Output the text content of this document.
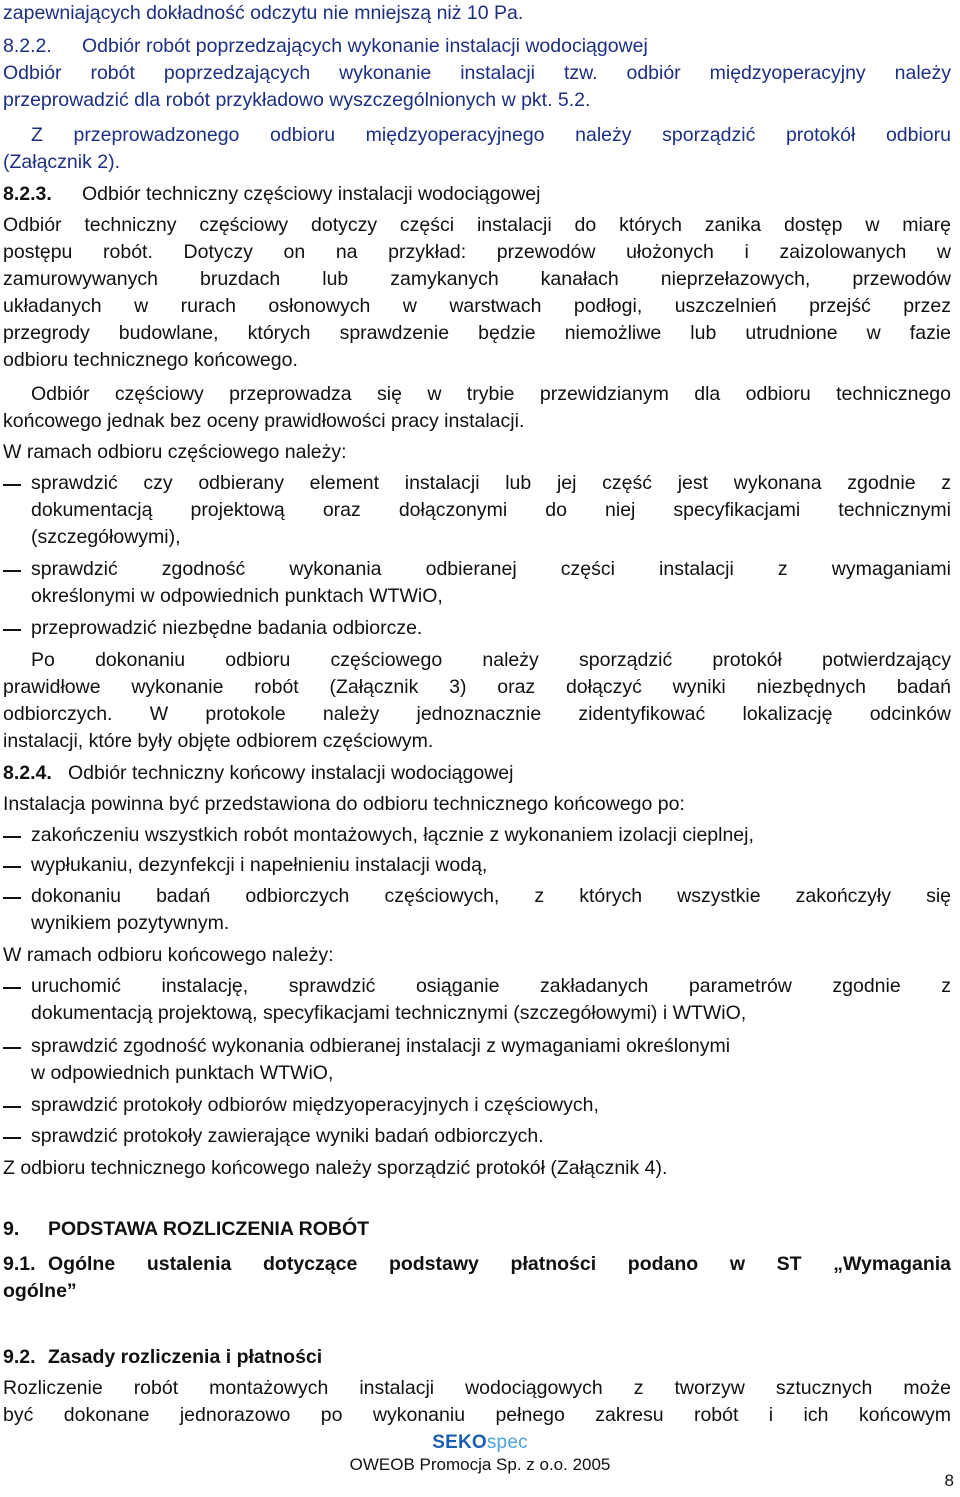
zapewniających dokładność odczytu nie mniejszą niż 10 Pa.
8.2.2.	Odbiór robót poprzedzających wykonanie instalacji wodociągowej
Odbiór robót poprzedzających wykonanie instalacji tzw. odbiór międzyoperacyjny należy
przeprowadzić dla robót przykładowo wyszczególnionych w pkt. 5.2.
Z przeprowadzonego odbioru międzyoperacyjnego należy sporządzić protokół odbioru
(Załącznik 2).
8.2.3.	Odbiór techniczny częściowy instalacji wodociągowej
Odbiór techniczny częściowy dotyczy części instalacji do których zanika dostęp w miarę
postępu robót. Dotyczy on na przykład: przewodów ułożonych i zaizolowanych w
zamurowywanych bruzdach lub zamykanych kanałach nieprzełazowych, przewodów
układanych w rurach osłonowych w warstwach podłogi, uszczelnień przejść przez
przegrody budowlane, których sprawdzenie będzie niemożliwe lub utrudnione w fazie
odbioru technicznego końcowego.
Odbiór częściowy przeprowadza się w trybie przewidzianym dla odbioru technicznego
końcowego jednak bez oceny prawidłowości pracy instalacji.
W ramach odbioru częściowego należy:
sprawdzić czy odbierany element instalacji lub jej część jest wykonana zgodnie z
dokumentacją projektową oraz dołączonymi do niej specyfikacjami technicznymi
(szczegółowymi),
sprawdzić zgodność wykonania odbieranej części instalacji z wymaganiami
określonymi w odpowiednich punktach WTWiO,
przeprowadzić niezbędne badania odbiorcze.
Po dokonaniu odbioru częściowego należy sporządzić protokół potwierdzający
prawidłowe wykonanie robót (Załącznik 3) oraz dołączyć wyniki niezbędnych badań
odbiorczych. W protokole należy jednoznacznie zidentyfikować lokalizację odcinków
instalacji, które były objęte odbiorem częściowym.
8.2.4. Odbiór techniczny końcowy instalacji wodociągowej
Instalacja powinna być przedstawiona do odbioru technicznego końcowego po:
zakończeniu wszystkich robót montażowych, łącznie z wykonaniem izolacji cieplnej,
wypłukaniu, dezynfekcji i napełnieniu instalacji wodą,
dokonaniu badań odbiorczych częściowych, z których wszystkie zakończyły się
wynikiem pozytywnym.
W ramach odbioru końcowego należy:
uruchomić instalację, sprawdzić osiąganie zakładanych parametrów zgodnie z
dokumentacją projektową, specyfikacjami technicznymi (szczegółowymi) i WTWiO,
sprawdzić zgodność wykonania odbieranej instalacji z wymaganiami określonymi
w odpowiednich punktach WTWiO,
sprawdzić protokoły odbiorów międzyoperacyjnych i częściowych,
sprawdzić protokoły zawierające wyniki badań odbiorczych.
Z odbioru technicznego końcowego należy sporządzić protokół (Załącznik 4).
9. PODSTAWA ROZLICZENIA ROBÓT
9.1. Ogólne ustalenia dotyczące podstawy płatności podano w ST „Wymagania
ogólne”
9.2. Zasady rozliczenia i płatności
Rozliczenie robót montażowych instalacji wodociągowych z tworzyw sztucznych może
być dokonane jednorazowo po wykonaniu pełnego zakresu robót i ich końcowym
SEKOspec
OWEOB Promocja Sp. z o.o. 2005
8
